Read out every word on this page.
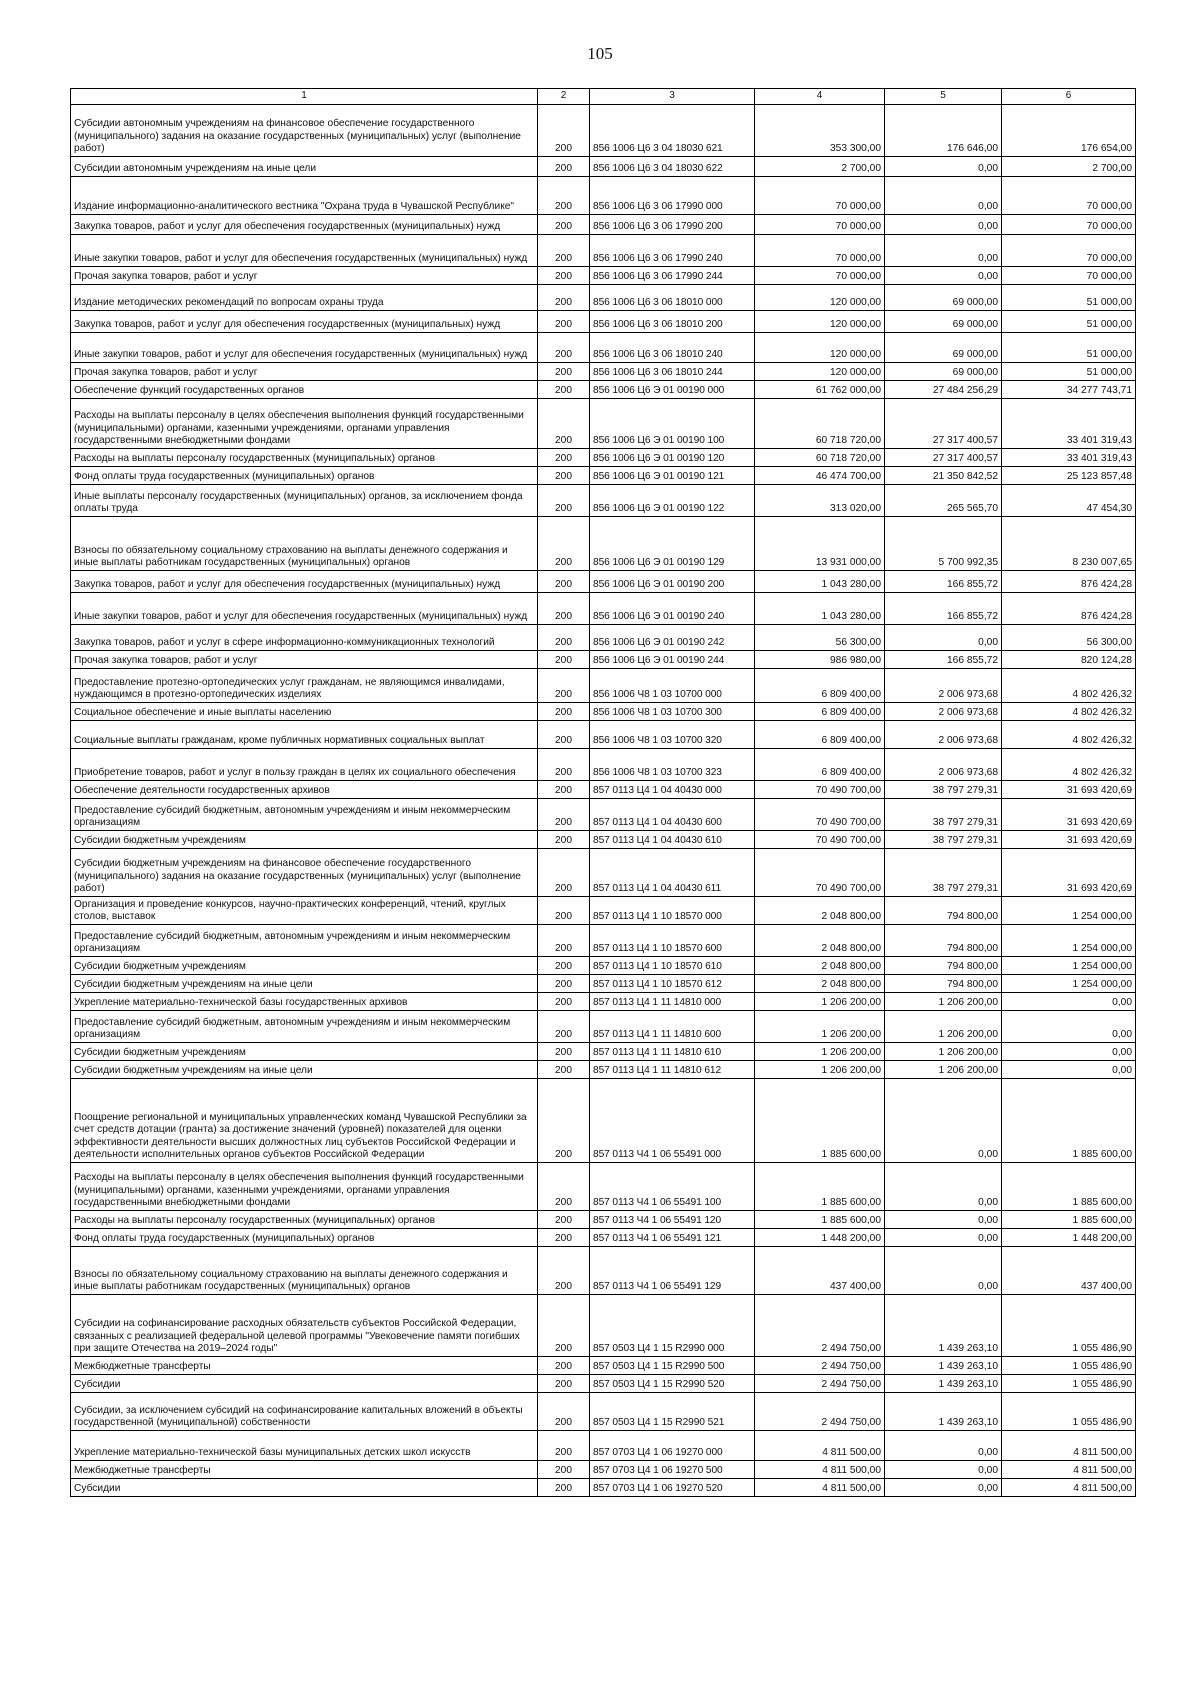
105
1	2	3	4	5	6
Субсидии автономным учреждениям на финансовое обеспечение государственного (муниципального) задания на оказание государственных (муниципальных) услуг (выполнение работ)	200	856 1006 Ц6 3 04 18030 621	353 300,00	176 646,00	176 654,00
Субсидии автономным учреждениям на иные цели	200	856 1006 Ц6 3 04 18030 622	2 700,00	0,00	2 700,00
Издание информационно-аналитического вестника "Охрана труда в Чувашской Республике"	200	856 1006 Ц6 3 06 17990 000	70 000,00	0,00	70 000,00
Закупка товаров, работ и услуг для обеспечения государственных (муниципальных) нужд	200	856 1006 Ц6 3 06 17990 200	70 000,00	0,00	70 000,00
Иные закупки товаров, работ и услуг для обеспечения государственных (муниципальных) нужд	200	856 1006 Ц6 3 06 17990 240	70 000,00	0,00	70 000,00
Прочая закупка товаров, работ и услуг	200	856 1006 Ц6 3 06 17990 244	70 000,00	0,00	70 000,00
Издание методических рекомендаций по вопросам охраны труда	200	856 1006 Ц6 3 06 18010 000	120 000,00	69 000,00	51 000,00
Закупка товаров, работ и услуг для обеспечения государственных (муниципальных) нужд	200	856 1006 Ц6 3 06 18010 200	120 000,00	69 000,00	51 000,00
Иные закупки товаров, работ и услуг для обеспечения государственных (муниципальных) нужд	200	856 1006 Ц6 3 06 18010 240	120 000,00	69 000,00	51 000,00
Прочая закупка товаров, работ и услуг	200	856 1006 Ц6 3 06 18010 244	120 000,00	69 000,00	51 000,00
Обеспечение функций государственных органов	200	856 1006 Ц6 Э 01 00190 000	61 762 000,00	27 484 256,29	34 277 743,71
Расходы на выплаты персоналу в целях обеспечения выполнения функций государственными (муниципальными) органами, казенными учреждениями, органами управления государственными внебюджетными фондами	200	856 1006 Ц6 Э 01 00190 100	60 718 720,00	27 317 400,57	33 401 319,43
Расходы на выплаты персоналу государственных (муниципальных) органов	200	856 1006 Ц6 Э 01 00190 120	60 718 720,00	27 317 400,57	33 401 319,43
Фонд оплаты труда государственных (муниципальных) органов	200	856 1006 Ц6 Э 01 00190 121	46 474 700,00	21 350 842,52	25 123 857,48
Иные выплаты персоналу государственных (муниципальных) органов, за исключением фонда оплаты труда	200	856 1006 Ц6 Э 01 00190 122	313 020,00	265 565,70	47 454,30
Взносы по обязательному социальному страхованию на выплаты денежного содержания и иные выплаты работникам государственных (муниципальных) органов	200	856 1006 Ц6 Э 01 00190 129	13 931 000,00	5 700 992,35	8 230 007,65
Закупка товаров, работ и услуг для обеспечения государственных (муниципальных) нужд	200	856 1006 Ц6 Э 01 00190 200	1 043 280,00	166 855,72	876 424,28
Иные закупки товаров, работ и услуг для обеспечения государственных (муниципальных) нужд	200	856 1006 Ц6 Э 01 00190 240	1 043 280,00	166 855,72	876 424,28
Закупка товаров, работ и услуг в сфере информационно-коммуникационных технологий	200	856 1006 Ц6 Э 01 00190 242	56 300,00	0,00	56 300,00
Прочая закупка товаров, работ и услуг	200	856 1006 Ц6 Э 01 00190 244	986 980,00	166 855,72	820 124,28
Предоставление протезно-ортопедических услуг гражданам, не являющимся инвалидами, нуждающимся в протезно-ортопедических изделиях	200	856 1006 Ч8 1 03 10700 000	6 809 400,00	2 006 973,68	4 802 426,32
Социальное обеспечение и иные выплаты населению	200	856 1006 Ч8 1 03 10700 300	6 809 400,00	2 006 973,68	4 802 426,32
Социальные выплаты гражданам, кроме публичных нормативных социальных выплат	200	856 1006 Ч8 1 03 10700 320	6 809 400,00	2 006 973,68	4 802 426,32
Приобретение товаров, работ и услуг в пользу граждан в целях их социального обеспечения	200	856 1006 Ч8 1 03 10700 323	6 809 400,00	2 006 973,68	4 802 426,32
Обеспечение деятельности государственных архивов	200	857 0113 Ц4 1 04 40430 000	70 490 700,00	38 797 279,31	31 693 420,69
Предоставление субсидий бюджетным, автономным учреждениям и иным некоммерческим организациям	200	857 0113 Ц4 1 04 40430 600	70 490 700,00	38 797 279,31	31 693 420,69
Субсидии бюджетным учреждениям	200	857 0113 Ц4 1 04 40430 610	70 490 700,00	38 797 279,31	31 693 420,69
Субсидии бюджетным учреждениям на финансовое обеспечение государственного (муниципального) задания на оказание государственных (муниципальных) услуг (выполнение работ)	200	857 0113 Ц4 1 04 40430 611	70 490 700,00	38 797 279,31	31 693 420,69
Организация и проведение конкурсов, научно-практических конференций, чтений, круглых столов, выставок	200	857 0113 Ц4 1 10 18570 000	2 048 800,00	794 800,00	1 254 000,00
Предоставление субсидий бюджетным, автономным учреждениям и иным некоммерческим организациям	200	857 0113 Ц4 1 10 18570 600	2 048 800,00	794 800,00	1 254 000,00
Субсидии бюджетным учреждениям	200	857 0113 Ц4 1 10 18570 610	2 048 800,00	794 800,00	1 254 000,00
Субсидии бюджетным учреждениям на иные цели	200	857 0113 Ц4 1 10 18570 612	2 048 800,00	794 800,00	1 254 000,00
Укрепление материально-технической базы государственных архивов	200	857 0113 Ц4 1 11 14810 000	1 206 200,00	1 206 200,00	0,00
Предоставление субсидий бюджетным, автономным учреждениям и иным некоммерческим организациям	200	857 0113 Ц4 1 11 14810 600	1 206 200,00	1 206 200,00	0,00
Субсидии бюджетным учреждениям	200	857 0113 Ц4 1 11 14810 610	1 206 200,00	1 206 200,00	0,00
Субсидии бюджетным учреждениям на иные цели	200	857 0113 Ц4 1 11 14810 612	1 206 200,00	1 206 200,00	0,00
Поощрение региональной и муниципальных управленческих команд Чувашской Республики за счет средств дотации (гранта) за достижение значений (уровней) показателей для оценки эффективности деятельности высших должностных лиц субъектов Российской Федерации и деятельности исполнительных органов субъектов Российской Федерации	200	857 0113 Ч4 1 06 55491 000	1 885 600,00	0,00	1 885 600,00
Расходы на выплаты персоналу в целях обеспечения выполнения функций государственными (муниципальными) органами, казенными учреждениями, органами управления государственными внебюджетными фондами	200	857 0113 Ч4 1 06 55491 100	1 885 600,00	0,00	1 885 600,00
Расходы на выплаты персоналу государственных (муниципальных) органов	200	857 0113 Ч4 1 06 55491 120	1 885 600,00	0,00	1 885 600,00
Фонд оплаты труда государственных (муниципальных) органов	200	857 0113 Ч4 1 06 55491 121	1 448 200,00	0,00	1 448 200,00
Взносы по обязательному социальному страхованию на выплаты денежного содержания и иные выплаты работникам государственных (муниципальных) органов	200	857 0113 Ч4 1 06 55491 129	437 400,00	0,00	437 400,00
Субсидии на софинансирование расходных обязательств субъектов Российской Федерации, связанных с реализацией федеральной целевой программы "Увековечение памяти погибших при защите Отечества на 2019–2024 годы"	200	857 0503 Ц4 1 15 R2990 000	2 494 750,00	1 439 263,10	1 055 486,90
Межбюджетные трансферты	200	857 0503 Ц4 1 15 R2990 500	2 494 750,00	1 439 263,10	1 055 486,90
Субсидии	200	857 0503 Ц4 1 15 R2990 520	2 494 750,00	1 439 263,10	1 055 486,90
Субсидии, за исключением субсидий на софинансирование капитальных вложений в объекты государственной (муниципальной) собственности	200	857 0503 Ц4 1 15 R2990 521	2 494 750,00	1 439 263,10	1 055 486,90
Укрепление материально-технической базы муниципальных детских школ искусств	200	857 0703 Ц4 1 06 19270 000	4 811 500,00	0,00	4 811 500,00
Межбюджетные трансферты	200	857 0703 Ц4 1 06 19270 500	4 811 500,00	0,00	4 811 500,00
Субсидии	200	857 0703 Ц4 1 06 19270 520	4 811 500,00	0,00	4 811 500,00
